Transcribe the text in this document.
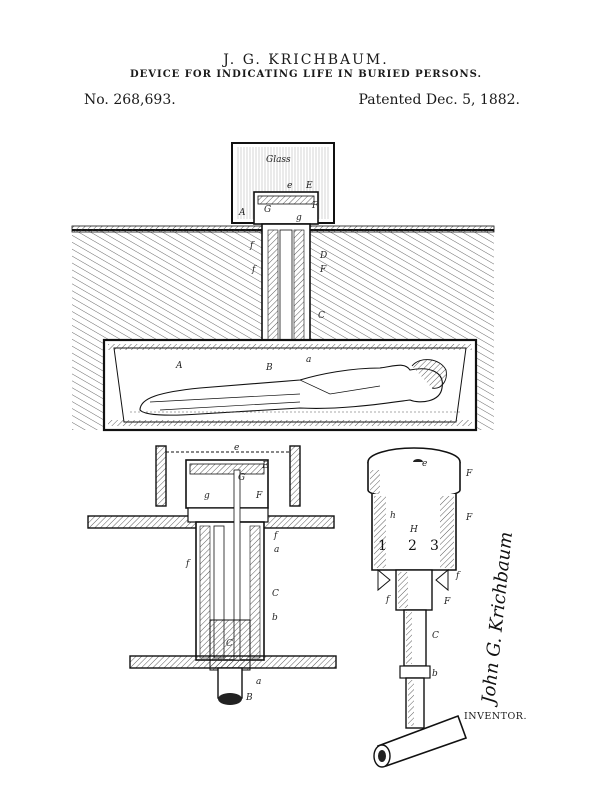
J. G. KRICHBAUM.
DEVICE FOR INDICATING LIFE IN BURIED PERSONS.
No. 268,693.	Patented Dec. 5, 1882.
Glass
A
e E
G	F
g
f
f
D
F
C
A	B
a
e
E
G
g	F
f
a
f
C
b
C
a
B
e
F
h
H
1 2 3
F
f
f	F
C
b John G. Krichbaum
INVENTOR.
